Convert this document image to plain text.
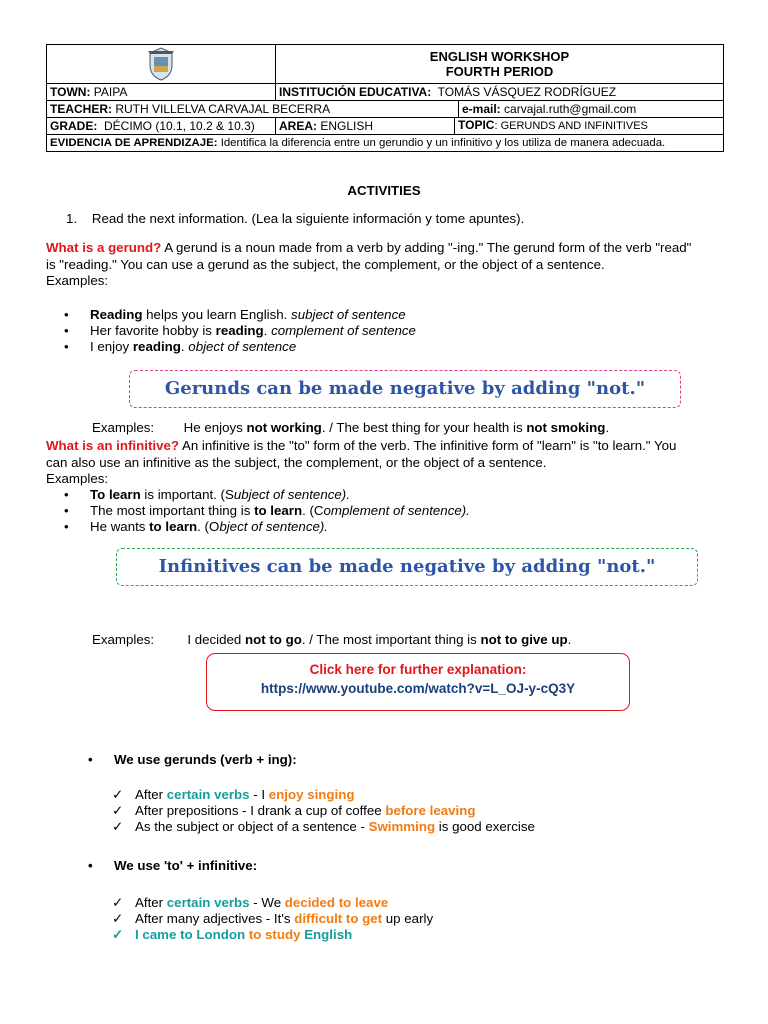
ENGLISH WORKSHOP
FOURTH PERIOD		

TOWN: PAIPA	INSTITUCIÓN EDUCATIVA: TOMÁS VÁSQUEZ RODRÍGUEZ		
TEACHER: RUTH VILLELVA CARVAJAL BECERRA			e-mail: carvajal.ruth@gmail.com
GRADE: DÉCIMO (10.1, 10.2 & 10.3)	AREA: ENGLISH	TOPIC: GERUNDS AND INFINITIVES	
EVIDENCIA DE APRENDIZAJE: Identifica la diferencia entre un gerundio y un infinitivo y los utiliza de manera adecuada.			
ACTIVITIES
1. Read the next information. (Lea la siguiente información y tome apuntes).
What is a gerund? A gerund is a noun made from a verb by adding "-ing." The gerund form of the verb "read"
is "reading." You can use a gerund as the subject, the complement, or the object of a sentence.
Examples:
• Reading helps you learn English. subject of sentence
• Her favorite hobby is reading. complement of sentence
• I enjoy reading. object of sentence
Gerunds can be made negative by adding "not."
Examples: He enjoys not working. / The best thing for your health is not smoking.
What is an infinitive? An infinitive is the "to" form of the verb. The infinitive form of "learn" is "to learn." You
can also use an infinitive as the subject, the complement, or the object of a sentence.
Examples:
• To learn is important. (Subject of sentence).
• The most important thing is to learn. (Complement of sentence).
• He wants to learn. (Object of sentence).
Infinitives can be made negative by adding "not."
Examples:	I decided not to go. / The most important thing is not to give up.
Click here for further explanation:
https://www.youtube.com/watch?v=L_OJ-y-cQ3Y
• We use gerunds (verb + ing):
✓ After certain verbs - I enjoy singing
✓ After prepositions - I drank a cup of coffee before leaving
✓ As the subject or object of a sentence - Swimming is good exercise
• We use 'to' + infinitive:
✓ After certain verbs - We decided to leave
✓ After many adjectives - It's difficult to get up early
✓ I came to London to study English
